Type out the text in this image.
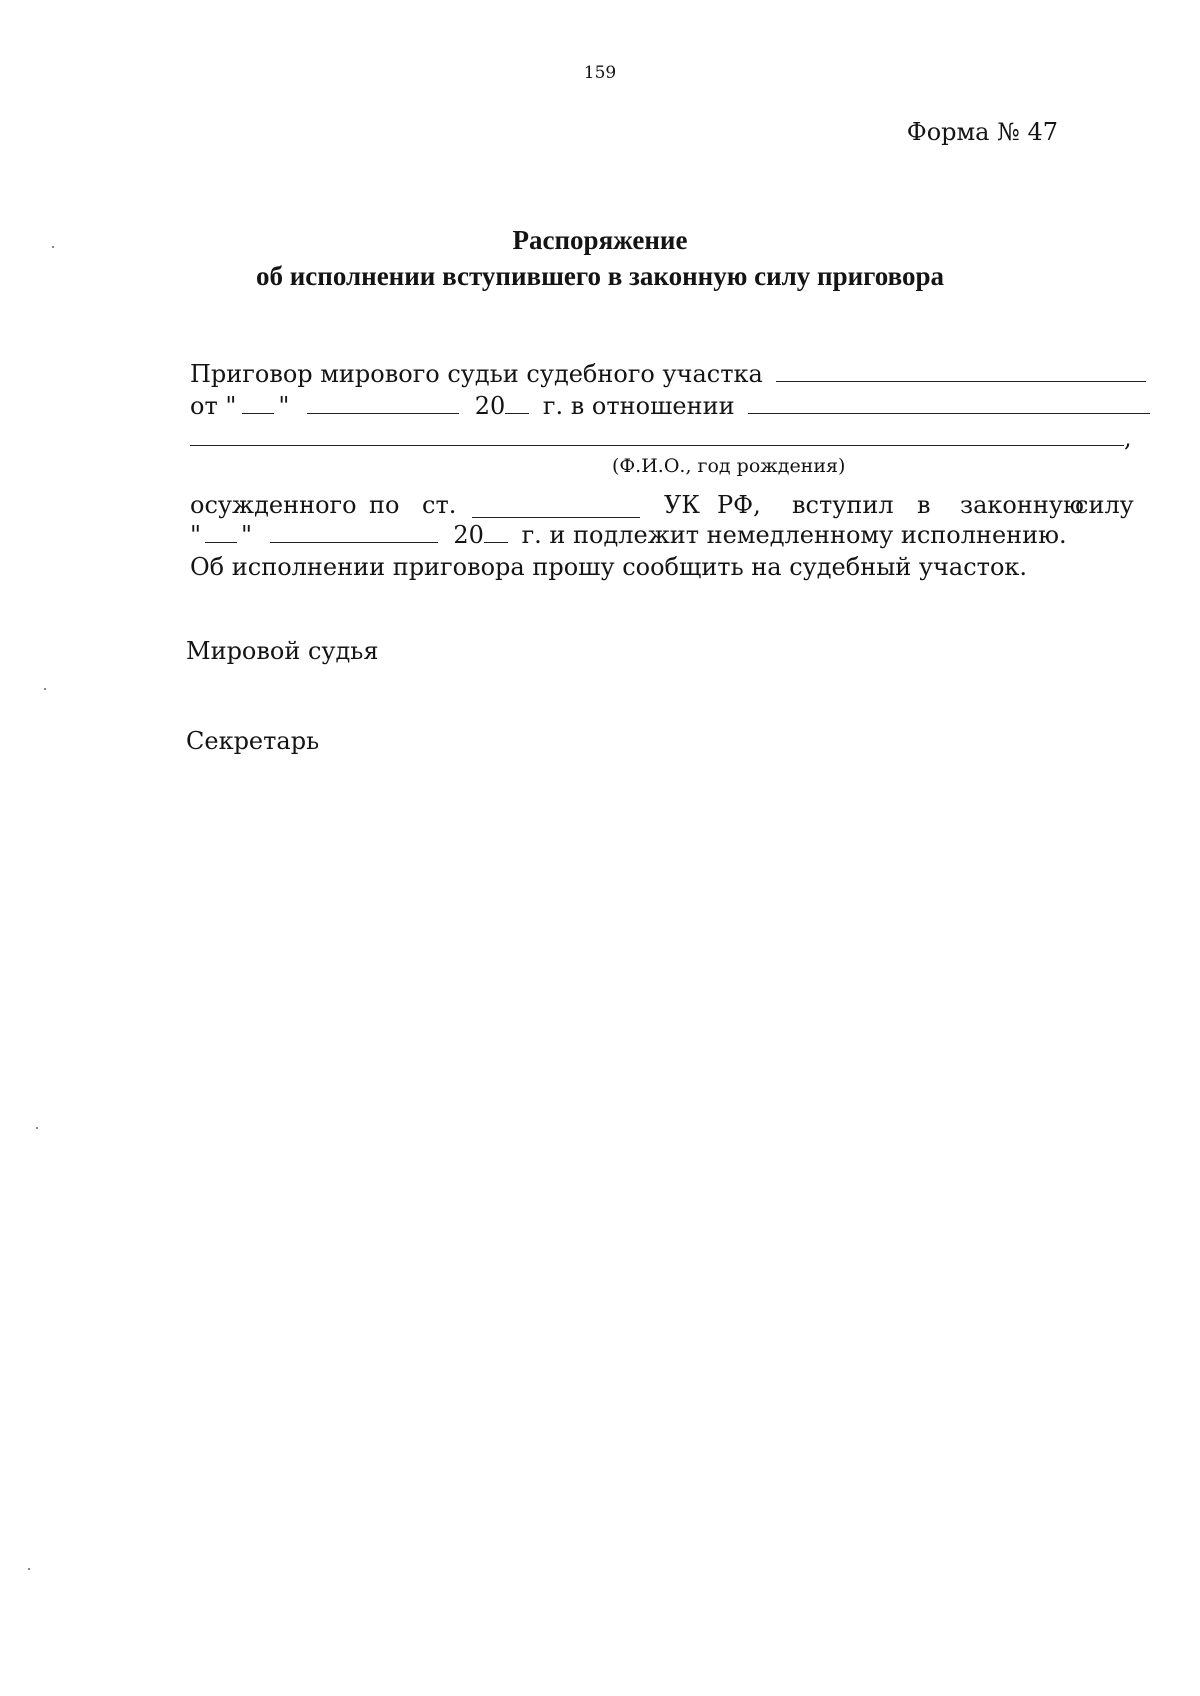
159
Форма № 47
Распоряжение
об исполнении вступившего в законную силу приговора
Приговор мирового судьи судебного участка
от " "	20 г. в отношении
,
(Ф.И.О., год рождения)
осужденного по ст.	УК РФ, вступил в законную
силу
" "	20 г. и подлежит немедленному исполнению.
Об исполнении приговора прошу сообщить на судебный участок.
Мировой судья
Секретарь
